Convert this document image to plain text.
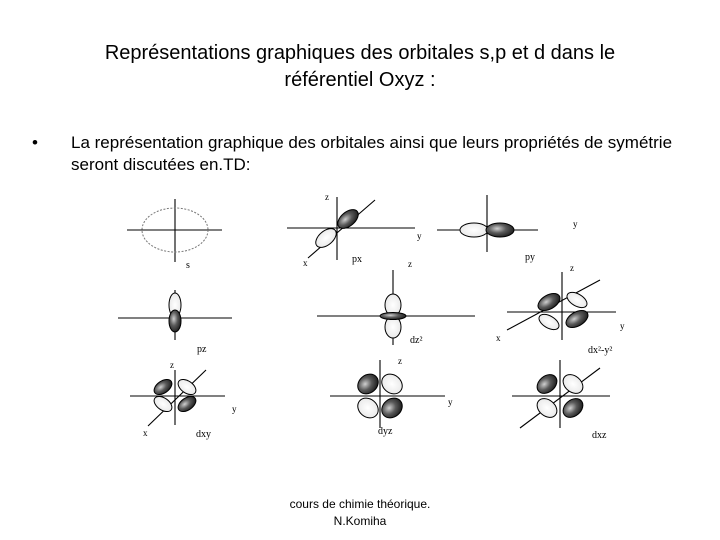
Représentations graphiques des orbitales s,p et d dans le
référentiel Oxyz :
• La représentation graphique des orbitales ainsi que leurs propriétés de symétrie seront discutées en.TD:
s
z
y
x	px
y
py
pz
z
dz²
z
y
x
dx²-y²
z
y
x	dxy
z
y
dyz	dxz
cours de chimie théorique.
N.Komiha
